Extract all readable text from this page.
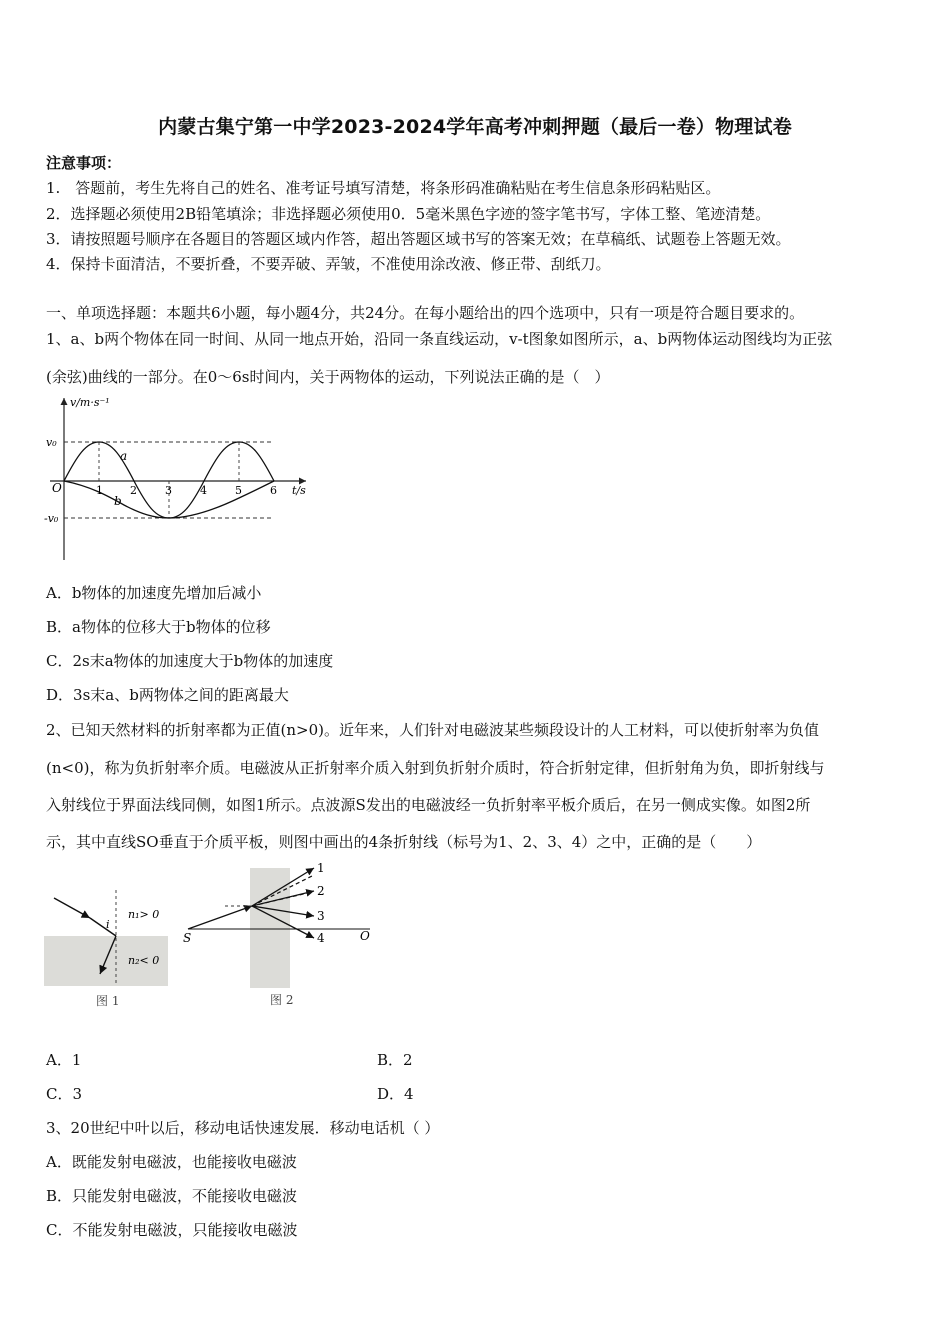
内蒙古集宁第一中学2023-2024学年高考冲刺押题（最后一卷）物理试卷
注意事项：
1.　答题前，考生先将自己的姓名、准考证号填写清楚，将条形码准确粘贴在考生信息条形码粘贴区。
2．选择题必须使用2B铅笔填涂；非选择题必须使用0．5毫米黑色字迹的签字笔书写，字体工整、笔迹清楚。
3．请按照题号顺序在各题目的答题区域内作答，超出答题区域书写的答案无效；在草稿纸、试题卷上答题无效。
4．保持卡面清洁，不要折叠，不要弄破、弄皱，不准使用涂改液、修正带、刮纸刀。
一、单项选择题：本题共6小题，每小题4分，共24分。在每小题给出的四个选项中，只有一项是符合题目要求的。
1、a、b两个物体在同一时间、从同一地点开始，沿同一条直线运动，v-t图象如图所示，a、b两物体运动图线均为正弦
(余弦)曲线的一部分。在0～6s时间内，关于两物体的运动，下列说法正确的是（　）
v/m·s⁻¹
v₀
-v₀
O	1 2	3	4	5	6 t/s
a
b
A．b物体的加速度先增加后减小
B．a物体的位移大于b物体的位移
C．2s末a物体的加速度大于b物体的加速度
D．3s末a、b两物体之间的距离最大
2、已知天然材料的折射率都为正值(n>0)。近年来，人们针对电磁波某些频段设计的人工材料，可以使折射率为负值
(n<0)，称为负折射率介质。电磁波从正折射率介质入射到负折射介质时，符合折射定律，但折射角为负，即折射线与
入射线位于界面法线同侧，如图1所示。点波源S发出的电磁波经一负折射率平板介质后，在另一侧成实像。如图2所
示，其中直线SO垂直于介质平板，则图中画出的4条折射线（标号为1、2、3、4）之中，正确的是（　　）
i
n₁> 0
n₂< 0
图 1
1
2
3
4
S	O
图 2
A．1	B．2
C．3	D．4
3、20世纪中叶以后，移动电话快速发展．移动电话机（ ）
A．既能发射电磁波，也能接收电磁波
B．只能发射电磁波，不能接收电磁波
C．不能发射电磁波，只能接收电磁波
